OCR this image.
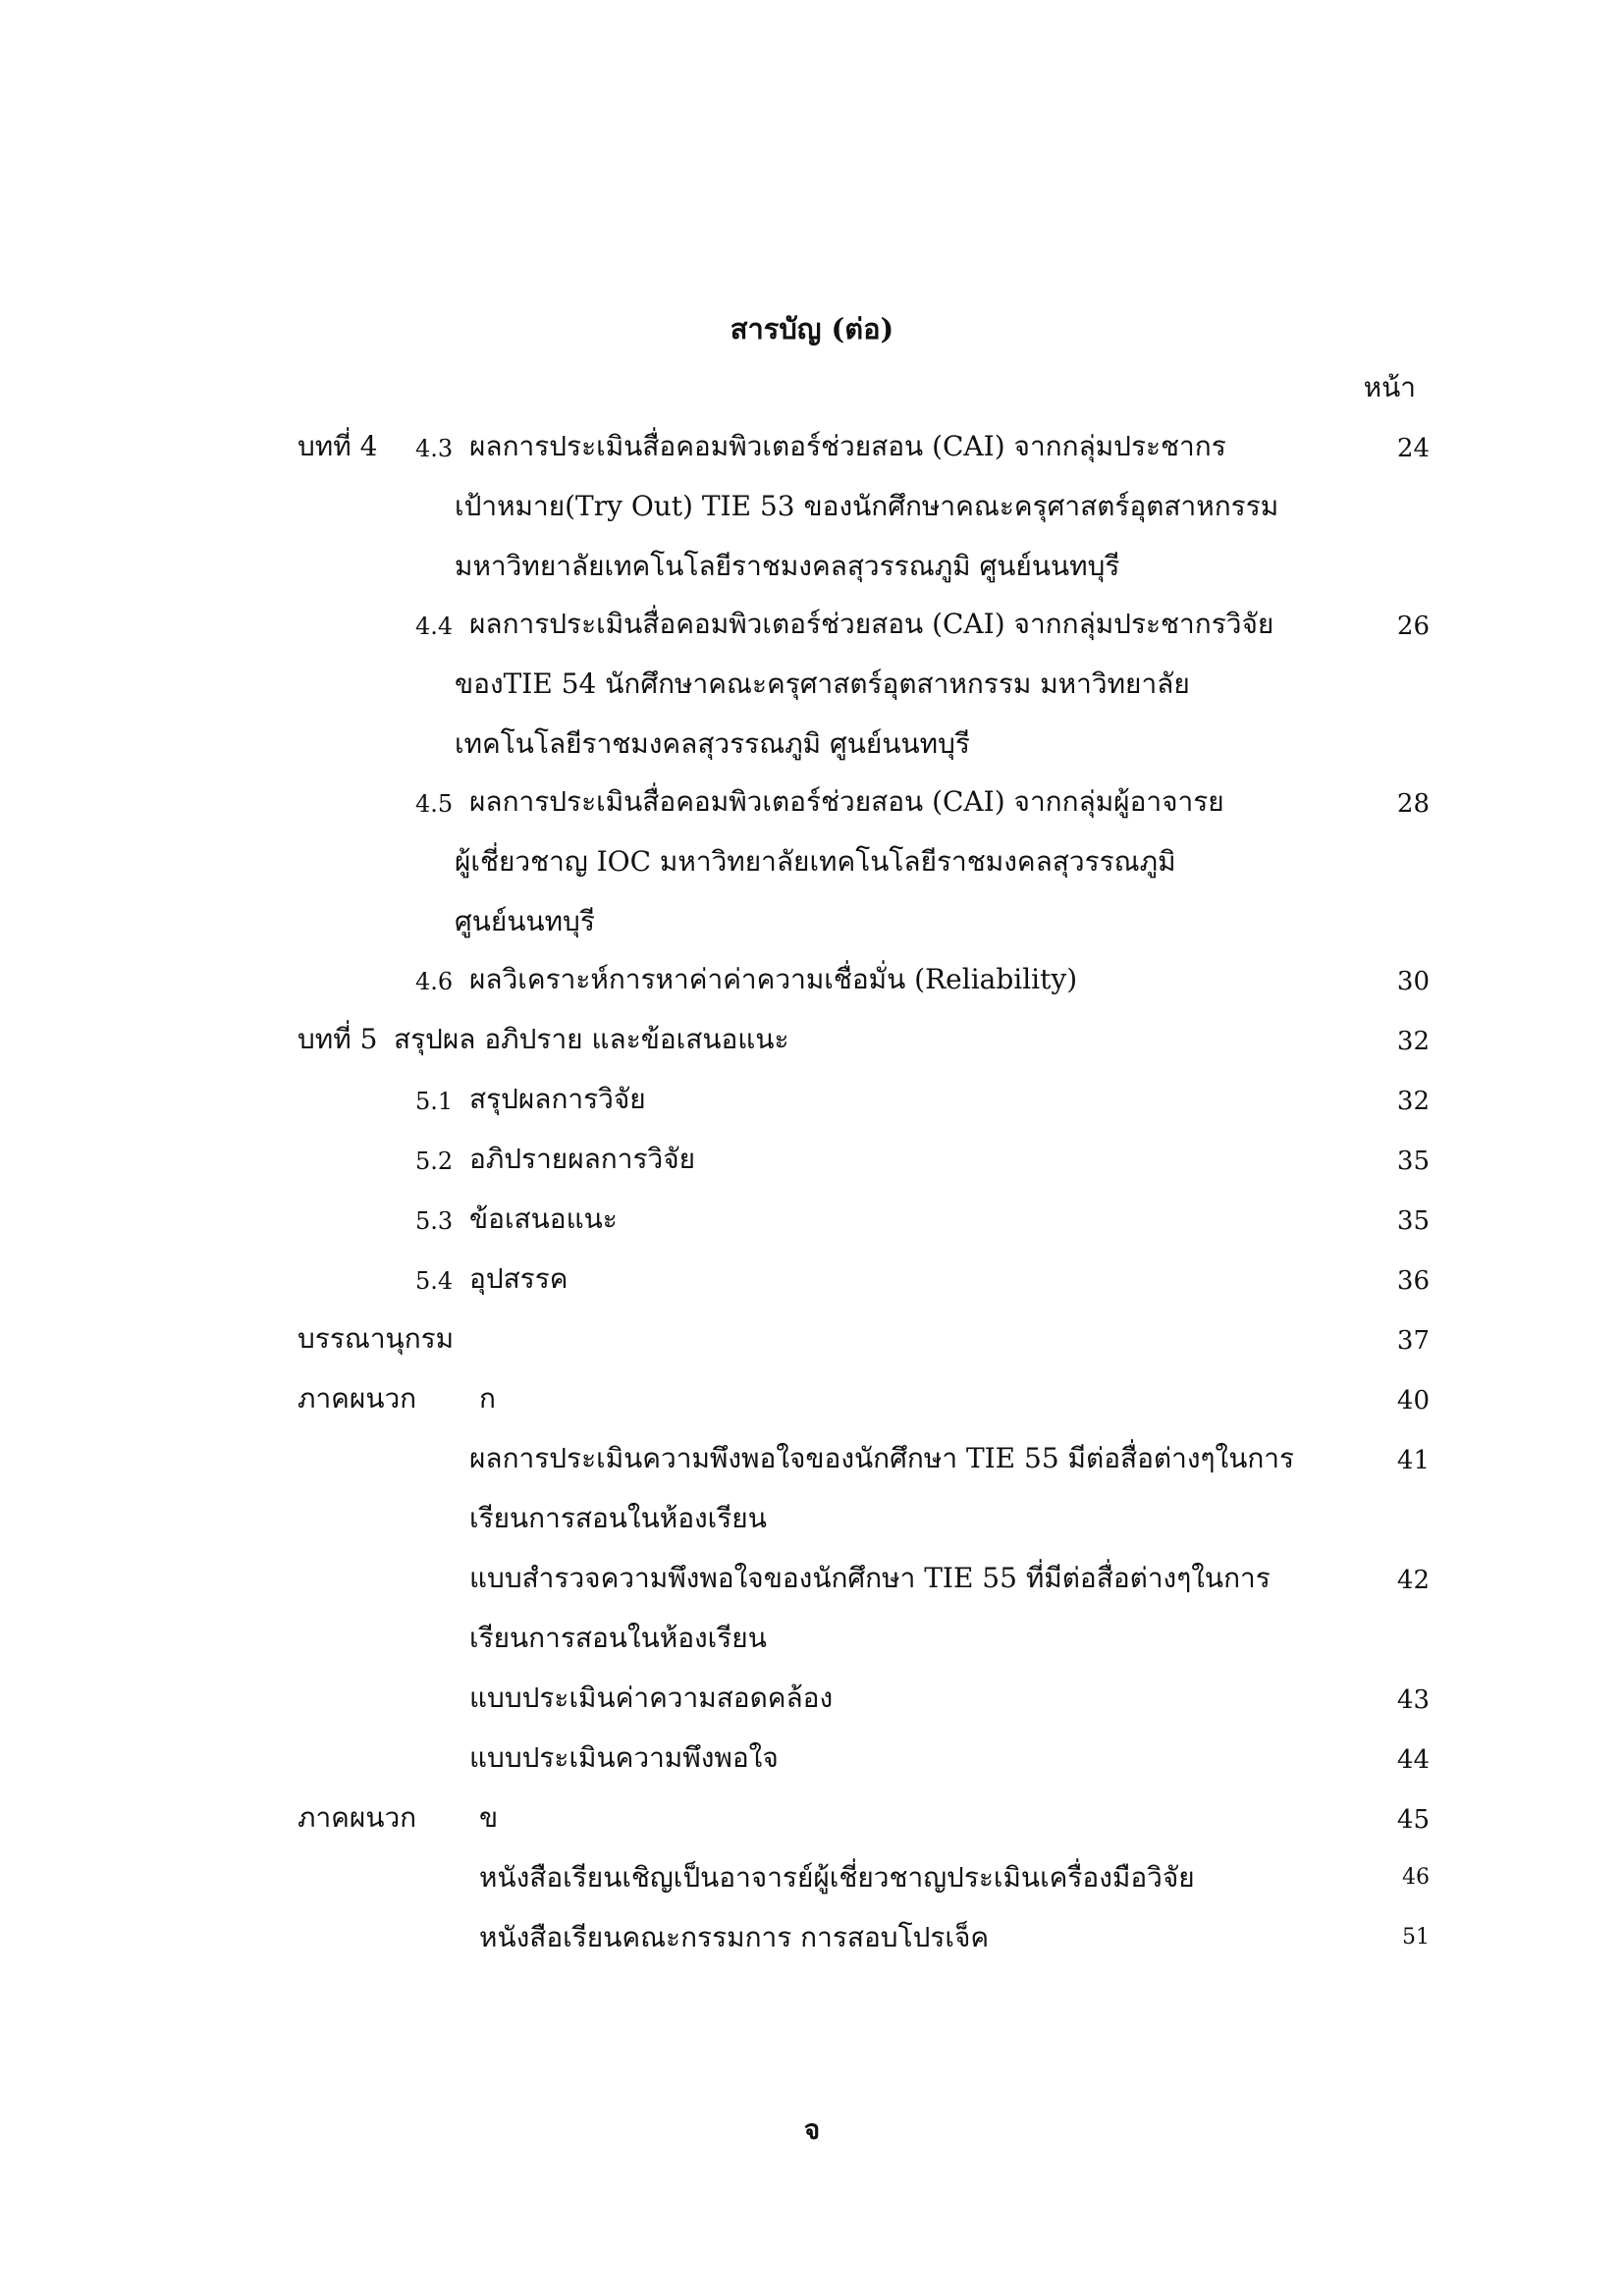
สารบัญ (ต่อ)
หน้า
บทที่ 4 4.3 ผลการประเมินสื่อคอมพิวเตอร์ช่วยสอน (CAI) จากกลุ่มประชากร
เป้าหมาย(Try Out) TIE 53 ของนักศึกษาคณะครุศาสตร์อุตสาหกรรม
มหาวิทยาลัยเทคโนโลยีราชมงคลสุวรรณภูมิ ศูนย์นนทบุรี
24
4.4 ผลการประเมินสื่อคอมพิวเตอร์ช่วยสอน (CAI) จากกลุ่มประชากรวิจัย
ของTIE 54 นักศึกษาคณะครุศาสตร์อุตสาหกรรม มหาวิทยาลัย
เทคโนโลยีราชมงคลสุวรรณภูมิ ศูนย์นนทบุรี
26
4.5 ผลการประเมินสื่อคอมพิวเตอร์ช่วยสอน (CAI) จากกลุ่มผู้อาจารย
ผู้เชี่ยวชาญ IOC มหาวิทยาลัยเทคโนโลยีราชมงคลสุวรรณภูมิ
ศูนย์นนทบุรี
28
4.6 ผลวิเคราะห์การหาค่าค่าความเชื่อมั่น (Reliability)	30
บทที่ 5 สรุปผล อภิปราย และข้อเสนอแนะ	32
5.1 สรุปผลการวิจัย	32
5.2 อภิปรายผลการวิจัย	35
5.3 ข้อเสนอแนะ	35
5.4 อุปสรรค	36
บรรณานุกรม	37
ภาคผนวก ก	40
ผลการประเมินความพึงพอใจของนักศึกษา TIE 55 มีต่อสื่อต่างๆในการ
เรียนการสอนในห้องเรียน
41
แบบสำรวจความพึงพอใจของนักศึกษา TIE 55 ที่มีต่อสื่อต่างๆในการ
เรียนการสอนในห้องเรียน
42
แบบประเมินค่าความสอดคล้อง	43
แบบประเมินความพึงพอใจ	44
ภาคผนวก ข	45
หนังสือเรียนเชิญเป็นอาจารย์ผู้เชี่ยวชาญประเมินเครื่องมือวิจัย	46
หนังสือเรียนคณะกรรมการ การสอบโปรเจ็ค	51
จ
